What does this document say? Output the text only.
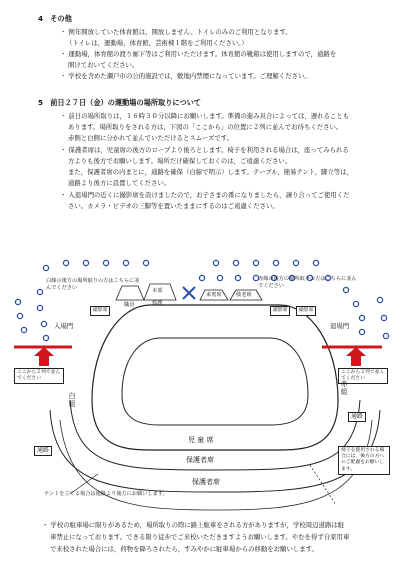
4　その他
・ 例年開放していた体育館は，開放しません。トイレのみのご利用となります。
（トイレは，運動場，体育館，芸術棟１階をご利用ください。）
・ 運動場，体育館の渡り廊下等はご利用いただけます。体育館の靴箱は使用しますので，通路を
開けておいてください。
・ 学校を含めた瀬戸市の公的施設では，敷地内禁煙になっています。ご理解ください。
5　前日２７日（金）の運動場の場所取りについて
・ 前日の場所取りは，１６時３０分以降にお願いします。準備の進み具合によっては，遅れることも
あります。場所取りをされる方は，下図の「ここから」の位置に２列に並んでお待ちください。
赤側と白側に分かれて並んでいただけるとスムーズです。
・ 保護者席は，児童席の後方のロープより後ろとします。椅子を利用される場合は，座ってみられる
方よりも後方でお願いします。場所だけ確保しておくのは，ご遠慮ください。
また，保護者席の内まとに，通路を確保（白線で明示）します。テーブル，簡易テント，脚立等は，
通路より後方に設置してください。
・ 入退場門の近くに撮影席を設けましたので，お子さまの番になりましたら，譲り合ってご使用くだ
さい。カメラ・ビデオの三脚等を置いたままにするのはご遠慮ください。
白線の後方の場所取りの方はこちらに並んでください
赤線の後方の場所取りの方はこちらに並んでください
撮影席	撮影席	撮影席
入場門	退場門
職員
本部
救護
来賓席	敬老席
ここから２列で並んでください
ここから２列で並んでください
白組
赤組
通路
通路
児 童 席
保護者席
保護者席
テントを立てる場合は通路より後方にお願いします。
椅子を使用される場合には，後方の方へのご配慮をお願いします。
・ 学校の駐車場に限りがあるため，場所取りの際に路上駐車をされる方がありますが，学校周辺道路は駐
車禁止になっております。できる限り徒歩でご来校いただきますようお願いします。やむを得ず自家用車
で来校された場合には，荷物を降ろされたら，すみやかに駐車場からの移動をお願いします。
